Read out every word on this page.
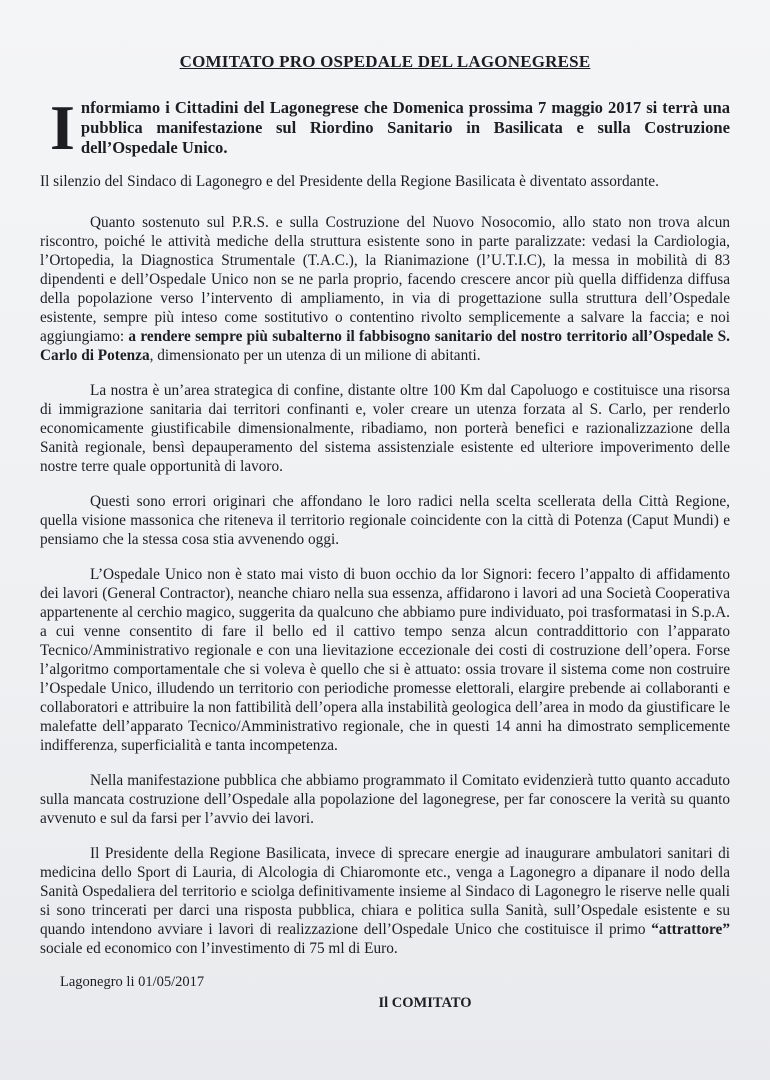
COMITATO PRO OSPEDALE DEL LAGONEGRESE
Informiamo i Cittadini del Lagonegrese che Domenica prossima 7 maggio 2017 si terrà una pubblica manifestazione sul Riordino Sanitario in Basilicata e sulla Costruzione dell’Ospedale Unico.

Il silenzio del Sindaco di Lagonegro e del Presidente della Regione Basilicata è diventato assordante.

Quanto sostenuto sul P.R.S. e sulla Costruzione del Nuovo Nosocomio, allo stato non trova alcun riscontro, poiché le attività mediche della struttura esistente sono in parte paralizzate: vedasi la Cardiologia, l’Ortopedia, la Diagnostica Strumentale (T.A.C.), la Rianimazione (l’U.T.I.C), la messa in mobilità di 83 dipendenti e dell’Ospedale Unico non se ne parla proprio, facendo crescere ancor più quella diffidenza diffusa della popolazione verso l’intervento di ampliamento, in via di progettazione sulla struttura dell’Ospedale esistente, sempre più inteso come sostitutivo o contentino rivolto semplicemente a salvare la faccia; e noi aggiungiamo: a rendere sempre più subalterno il fabbisogno sanitario del nostro territorio all’Ospedale S. Carlo di Potenza, dimensionato per un utenza di un milione di abitanti.

La nostra è un’area strategica di confine, distante oltre 100 Km dal Capoluogo e costituisce una risorsa di immigrazione sanitaria dai territori confinanti e, voler creare un utenza forzata al S. Carlo, per renderlo economicamente giustificabile dimensionalmente, ribadiamo, non porterà benefici e razionalizzazione della Sanità regionale, bensì depauperamento del sistema assistenziale esistente ed ulteriore impoverimento delle nostre terre quale opportunità di lavoro.

Questi sono errori originari che affondano le loro radici nella scelta scellerata della Città Regione, quella visione massonica che riteneva il territorio regionale coincidente con la città di Potenza (Caput Mundi) e pensiamo che la stessa cosa stia avvenendo oggi.

L’Ospedale Unico non è stato mai visto di buon occhio da lor Signori: fecero l’appalto di affidamento dei lavori (General Contractor), neanche chiaro nella sua essenza, affidarono i lavori ad una Società Cooperativa appartenente al cerchio magico, suggerita da qualcuno che abbiamo pure individuato, poi trasformatasi in S.p.A. a cui venne consentito di fare il bello ed il cattivo tempo senza alcun contraddittorio con l’apparato Tecnico/Amministrativo regionale e con una lievitazione eccezionale dei costi di costruzione dell’opera. Forse l’algoritmo comportamentale che si voleva è quello che si è attuato: ossia trovare il sistema come non costruire l’Ospedale Unico, illudendo un territorio con periodiche promesse elettorali, elargire prebende ai collaboranti e collaboratori e attribuire la non fattibilità dell’opera alla instabilità geologica dell’area in modo da giustificare le malefatte dell’apparato Tecnico/Amministrativo regionale, che in questi 14 anni ha dimostrato semplicemente indifferenza, superficialità e tanta incompetenza.

Nella manifestazione pubblica che abbiamo programmato il Comitato evidenzierà tutto quanto accaduto sulla mancata costruzione dell’Ospedale alla popolazione del lagonegrese, per far conoscere la verità su quanto avvenuto e sul da farsi per l’avvio dei lavori.

Il Presidente della Regione Basilicata, invece di sprecare energie ad inaugurare ambulatori sanitari di medicina dello Sport di Lauria, di Alcologia di Chiaromonte etc., venga a Lagonegro a dipanare il nodo della Sanità Ospedaliera del territorio e sciolga definitivamente insieme al Sindaco di Lagonegro le riserve nelle quali si sono trincerati per darci una risposta pubblica, chiara e politica sulla Sanità, sull’Ospedale esistente e su quando intendono avviare i lavori di realizzazione dell’Ospedale Unico che costituisce il primo “attrattore” sociale ed economico con l’investimento di 75 ml di Euro.

Lagonegro li 01/05/2017
Il COMITATO
